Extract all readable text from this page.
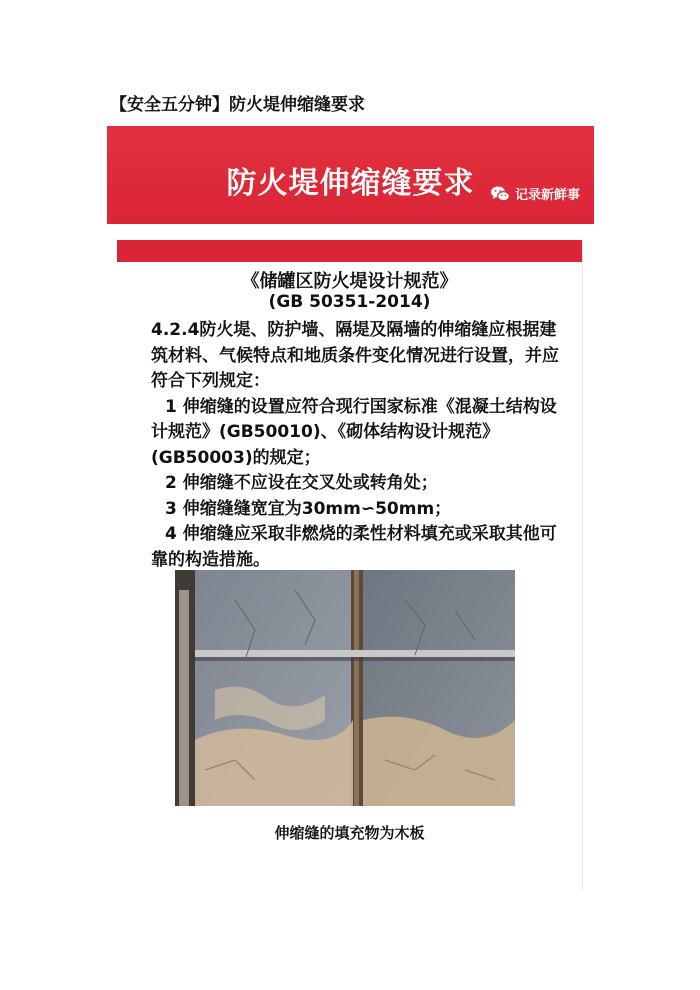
【安全五分钟】防火堤伸缩缝要求
防火堤伸缩缝要求	记录新鲜事
《储罐区防火堤设计规范》
(GB 50351-2014)

4.2.4防火堤、防护墙、隔堤及隔墙的伸缩缝应根据建筑材料、气候特点和地质条件变化情况进行设置，并应符合下列规定：

1 伸缩缝的设置应符合现行国家标准《混凝土结构设计规范》(GB50010)、《砌体结构设计规范》(GB50003)的规定；

2 伸缩缝不应设在交叉处或转角处；

3 伸缩缝缝宽宜为30mm∽50mm；

4 伸缩缝应采取非燃烧的柔性材料填充或采取其他可靠的构造措施。

伸缩缝的填充物为木板
